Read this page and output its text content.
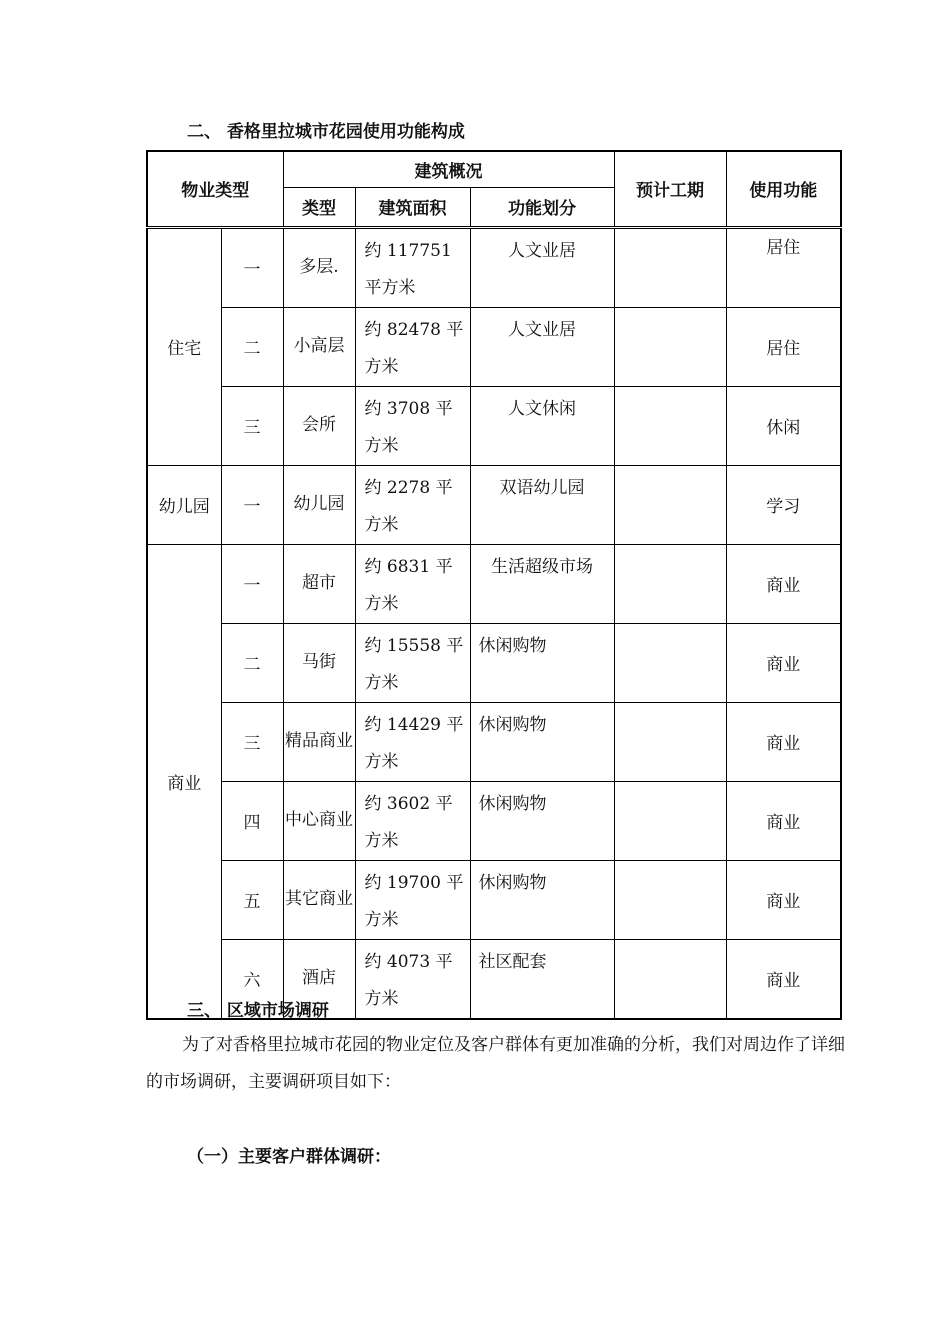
二、 香格里拉城市花园使用功能构成
物业类型		建筑概况			预计工期	使用功能
		类型	建筑面积	功能划分		
住宅	一	多层.	约 117751 平方米	人文业居		居住
	二	小高层	约 82478 平方米	人文业居		居住
	三	会所	约 3708 平方米	人文休闲		休闲
幼儿园	一	幼儿园	约 2278 平方米	双语幼儿园		学习
商业	一	超市	约 6831 平方米	生活超级市场		商业
	二	马街	约 15558 平方米	休闲购物		商业
	三	精品商业	约 14429 平方米	休闲购物		商业
	四	中心商业	约 3602 平方米	休闲购物		商业
	五	其它商业	约 19700 平方米	休闲购物		商业
	六	酒店	约 4073 平方米	社区配套		商业
三、 区域市场调研

为了对香格里拉城市花园的物业定位及客户群体有更加准确的分析，我们对周边作了详细的市场调研，主要调研项目如下：

（一）主要客户群体调研：
